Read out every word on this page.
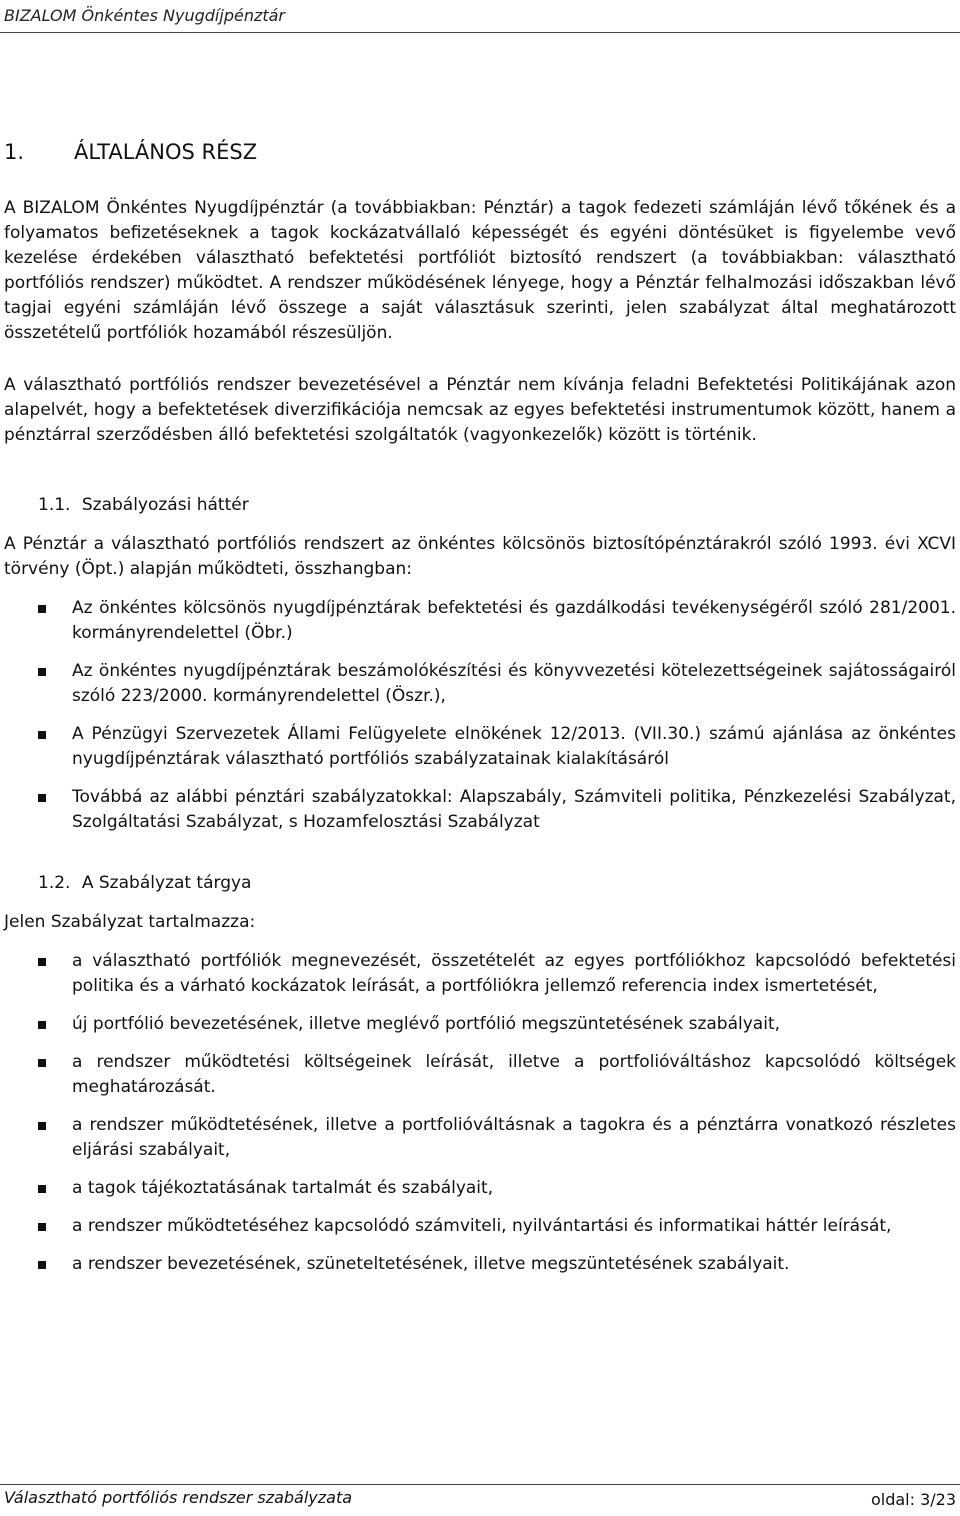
BIZALOM Önkéntes Nyugdíjpénztár
1.	ÁLTALÁNOS RÉSZ

A BIZALOM Önkéntes Nyugdíjpénztár (a továbbiakban: Pénztár) a tagok fedezeti számláján lévő tőkének és a folyamatos befizetéseknek a tagok kockázatvállaló képességét és egyéni döntésüket is figyelembe vevő kezelése érdekében választható befektetési portfóliót biztosító rendszert (a továbbiakban: választható portfóliós rendszer) működtet. A rendszer működésének lényege, hogy a Pénztár felhalmozási időszakban lévő tagjai egyéni számláján lévő összege a saját választásuk szerinti, jelen szabályzat által meghatározott összetételű portfóliók hozamából részesüljön.

A választható portfóliós rendszer bevezetésével a Pénztár nem kívánja feladni Befektetési Politikájának azon alapelvét, hogy a befektetések diverzifikációja nemcsak az egyes befektetési instrumentumok között, hanem a pénztárral szerződésben álló befektetési szolgáltatók (vagyonkezelők) között is történik.

1.1. Szabályozási háttér

A Pénztár a választható portfóliós rendszert az önkéntes kölcsönös biztosítópénztárakról szóló 1993. évi XCVI törvény (Öpt.) alapján működteti, összhangban:

Az önkéntes kölcsönös nyugdíjpénztárak befektetési és gazdálkodási tevékenységéről szóló 281/2001. kormányrendelettel (Öbr.)
Az önkéntes nyugdíjpénztárak beszámolókészítési és könyvvezetési kötelezettségeinek sajátosságairól szóló 223/2000. kormányrendelettel (Öszr.),
A Pénzügyi Szervezetek Állami Felügyelete elnökének 12/2013. (VII.30.) számú ajánlása az önkéntes nyugdíjpénztárak választható portfóliós szabályzatainak kialakításáról
Továbbá az alábbi pénztári szabályzatokkal: Alapszabály, Számviteli politika, Pénzkezelési Szabályzat, Szolgáltatási Szabályzat, s Hozamfelosztási Szabályzat
1.2. A Szabályzat tárgya

Jelen Szabályzat tartalmazza:

a választható portfóliók megnevezését, összetételét az egyes portfóliókhoz kapcsolódó befektetési politika és a várható kockázatok leírását, a portfóliókra jellemző referencia index ismertetését,
új portfólió bevezetésének, illetve meglévő portfólió megszüntetésének szabályait,
a rendszer működtetési költségeinek leírását, illetve a portfolióváltáshoz kapcsolódó költségek meghatározását.
a rendszer működtetésének, illetve a portfolióváltásnak a tagokra és a pénztárra vonatkozó részletes eljárási szabályait,
a tagok tájékoztatásának tartalmát és szabályait,
a rendszer működtetéséhez kapcsolódó számviteli, nyilvántartási és informatikai háttér leírását,
a rendszer bevezetésének, szüneteltetésének, illetve megszüntetésének szabályait.
Választható portfóliós rendszer szabályzata	oldal: 3/23
